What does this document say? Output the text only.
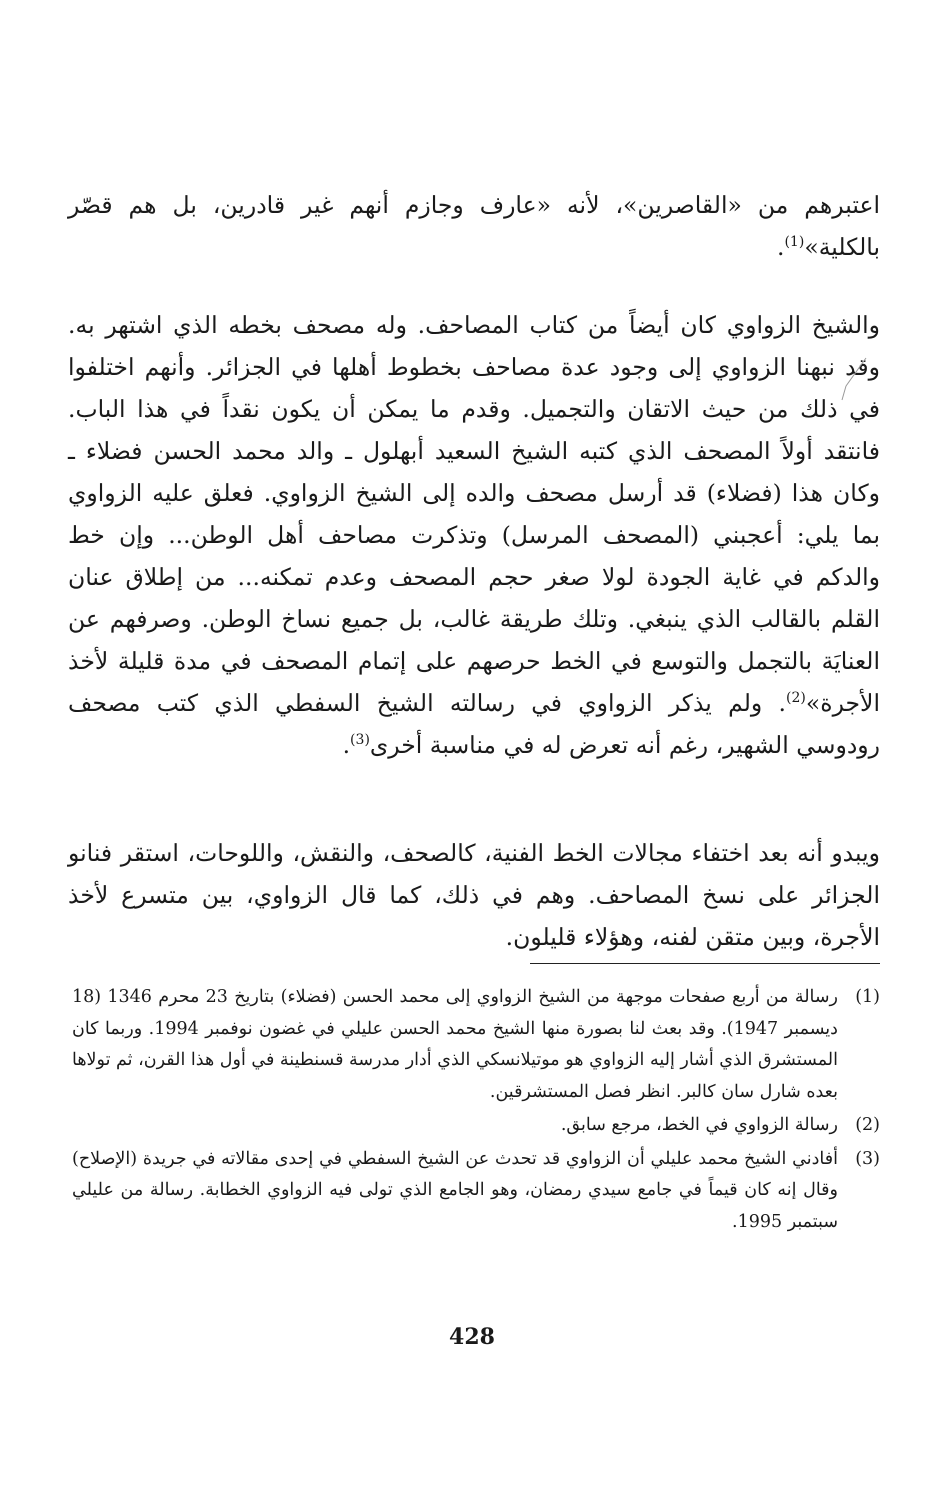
اعتبرهم من «القاصرين»، لأنه «عارف وجازم أنهم غير قادرين، بل هم قصّر بالكلية»$^{(1)}$.

والشيخ الزواوي كان أيضاً من كتاب المصاحف. وله مصحف بخطه الذي اشتهر به. وقد نبهنا الزواوي إلى وجود عدة مصاحف بخطوط أهلها في الجزائر. وأنهم اختلفوا في ذلك من حيث الاتقان والتجميل. وقدم ما يمكن أن يكون نقداً في هذا الباب. فانتقد أولاً المصحف الذي كتبه الشيخ السعيد أبهلول ـ والد محمد الحسن فضلاء ـ وكان هذا (فضلاء) قد أرسل مصحف والده إلى الشيخ الزواوي. فعلق عليه الزواوي بما يلي: أعجبني (المصحف المرسل) وتذكرت مصاحف أهل الوطن... وإن خط والدكم في غاية الجودة لولا صغر حجم المصحف وعدم تمكنه... من إطلاق عنان القلم بالقالب الذي ينبغي. وتلك طريقة غالب، بل جميع نساخ الوطن. وصرفهم عن العنايَة بالتجمل والتوسع في الخط حرصهم على إتمام المصحف في مدة قليلة لأخذ الأجرة»$^{(2)}$. ولم يذكر الزواوي في رسالته الشيخ السفطي الذي كتب مصحف رودوسي الشهير، رغم أنه تعرض له في مناسبة أخرى$^{(3)}$.

ويبدو أنه بعد اختفاء مجالات الخط الفنية، كالصحف، والنقش، واللوحات، استقر فنانو الجزائر على نسخ المصاحف. وهم في ذلك، كما قال الزواوي، بين متسرع لأخذ الأجرة، وبين متقن لفنه، وهؤلاء قليلون.

(1)
رسالة من أربع صفحات موجهة من الشيخ الزواوي إلى محمد الحسن (فضلاء) بتاريخ 23 محرم 1346 (18 ديسمبر 1947). وقد بعث لنا بصورة منها الشيخ محمد الحسن عليلي في غضون نوفمبر 1994. وربما كان المستشرق الذي أشار إليه الزواوي هو موتيلانسكي الذي أدار مدرسة قسنطينة في أول هذا القرن، ثم تولاها بعده شارل سان كالبر. انظر فصل المستشرقين.
(2)
رسالة الزواوي في الخط، مرجع سابق.
(3)
أفادني الشيخ محمد عليلي أن الزواوي قد تحدث عن الشيخ السفطي في إحدى مقالاته في جريدة (الإصلاح) وقال إنه كان قيماً في جامع سيدي رمضان، وهو الجامع الذي تولى فيه الزواوي الخطابة. رسالة من عليلي سبتمبر 1995.
428
